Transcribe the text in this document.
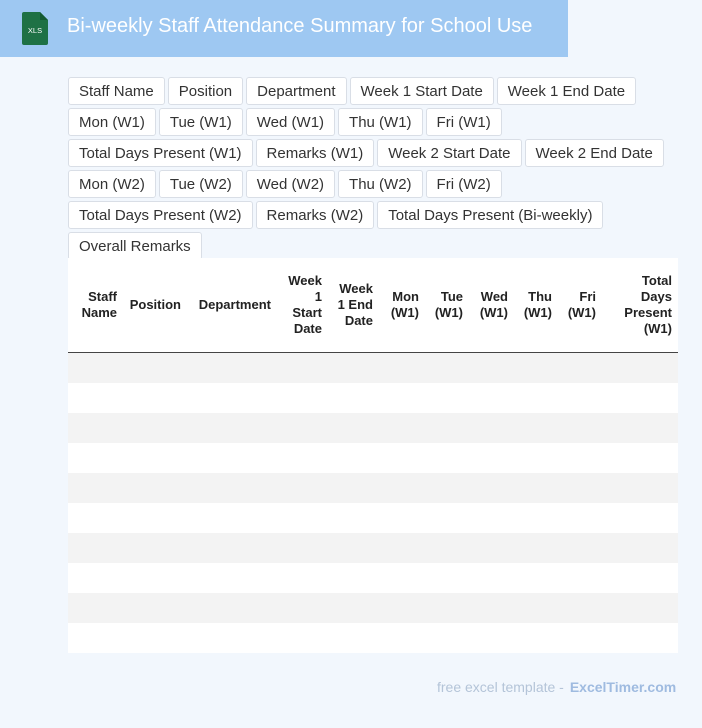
XLS Bi-weekly Staff Attendance Summary for School Use
Staff Name	Position	Department	Week 1 Start Date	Week 1 End Date
Mon (W1)	Tue (W1)	Wed (W1)	Thu (W1)	Fri (W1)
Total Days Present (W1)	Remarks (W1)	Week 2 Start Date	Week 2 End Date
Mon (W2)	Tue (W2)	Wed (W2)	Thu (W2)	Fri (W2)
Total Days Present (W2)	Remarks (W2)	Total Days Present (Bi-weekly)
Overall Remarks
Staff Name	Position	Department	Week 1 Start Date	Week 1 End Date	Mon (W1)	Tue (W1)	Wed (W1)	Thu (W1)	Fri (W1)	Total Days Present (W1)

free excel template - ExcelTimer.com
